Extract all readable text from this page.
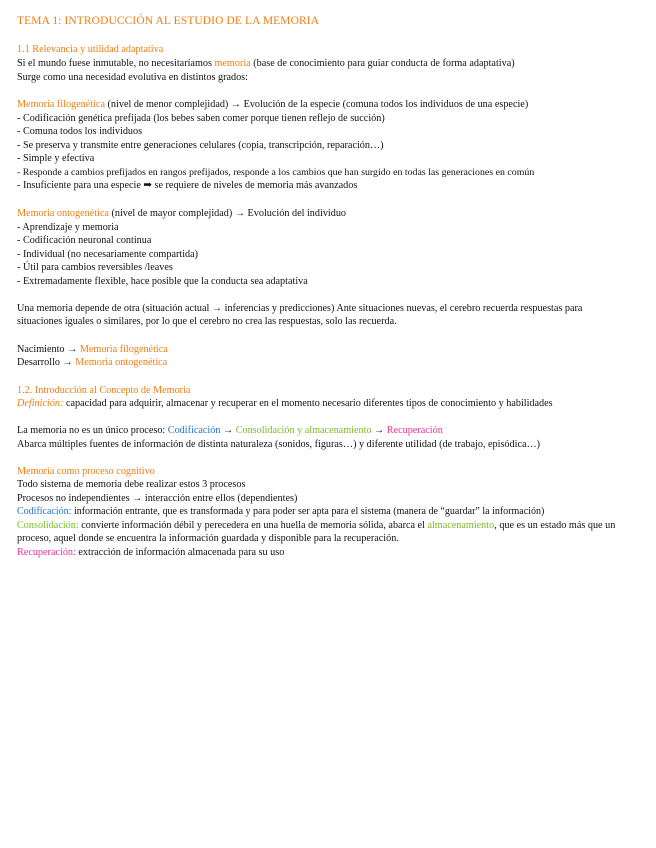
TEMA 1: INTRODUCCIÓN AL ESTUDIO DE LA MEMORIA
1.1 Relevancia y utilidad adaptativa
Si el mundo fuese inmutable, no necesitaríamos memoria (base de conocimiento para guiar conducta de forma adaptativa)
Surge como una necesidad evolutiva en distintos grados:
Memoria filogenética (nivel de menor complejidad) → Evolución de la especie (comuna todos los individuos de una especie)
- Codificación genética prefijada (los bebes saben comer porque tienen reflejo de succión)
- Comuna todos los individuos
- Se preserva y transmite entre generaciones celulares (copia, transcripción, reparación…)
- Simple y efectiva
- Responde a cambios prefijados en rangos prefijados, responde a los cambios que han surgido en todas las generaciones en común
- Insuficiente para una especie ➡ se requiere de niveles de memoria más avanzados
Memoria ontogenética (nivel de mayor complejidad) → Evolución del individuo
- Aprendizaje y memoria
- Codificación neuronal continua
- Individual (no necesariamente compartida)
- Útil para cambios reversibles /leaves
- Extremadamente flexible, hace posible que la conducta sea adaptativa
Una memoria depende de otra (situación actual → inferencias y predicciones) Ante situaciones nuevas, el cerebro recuerda respuestas para situaciones iguales o similares, por lo que el cerebro no crea las respuestas, solo las recuerda.
Nacimiento → Memoria filogenética
Desarrollo → Memoria ontogenética
1.2. Introducción al Concepto de Memoria
Definición: capacidad para adquirir, almacenar y recuperar en el momento necesario diferentes tipos de conocimiento y habilidades
La memoria no es un único proceso: Codificación → Consolidación y almacenamiento → Recuperación
Abarca múltiples fuentes de información de distinta naturaleza (sonidos, figuras…) y diferente utilidad (de trabajo, episódica…)
Memoria como proceso cognitivo
Todo sistema de memoria debe realizar estos 3 procesos
Procesos no independientes → interacción entre ellos (dependientes)
Codificación: información entrante, que es transformada y para poder ser apta para el sistema (manera de “guardar” la información)
Consolidación: convierte información débil y perecedera en una huella de memoria sólida, abarca el almacenamiento, que es un estado más que un proceso, aquel donde se encuentra la información guardada y disponible para la recuperación.
Recuperación: extracción de información almacenada para su uso
